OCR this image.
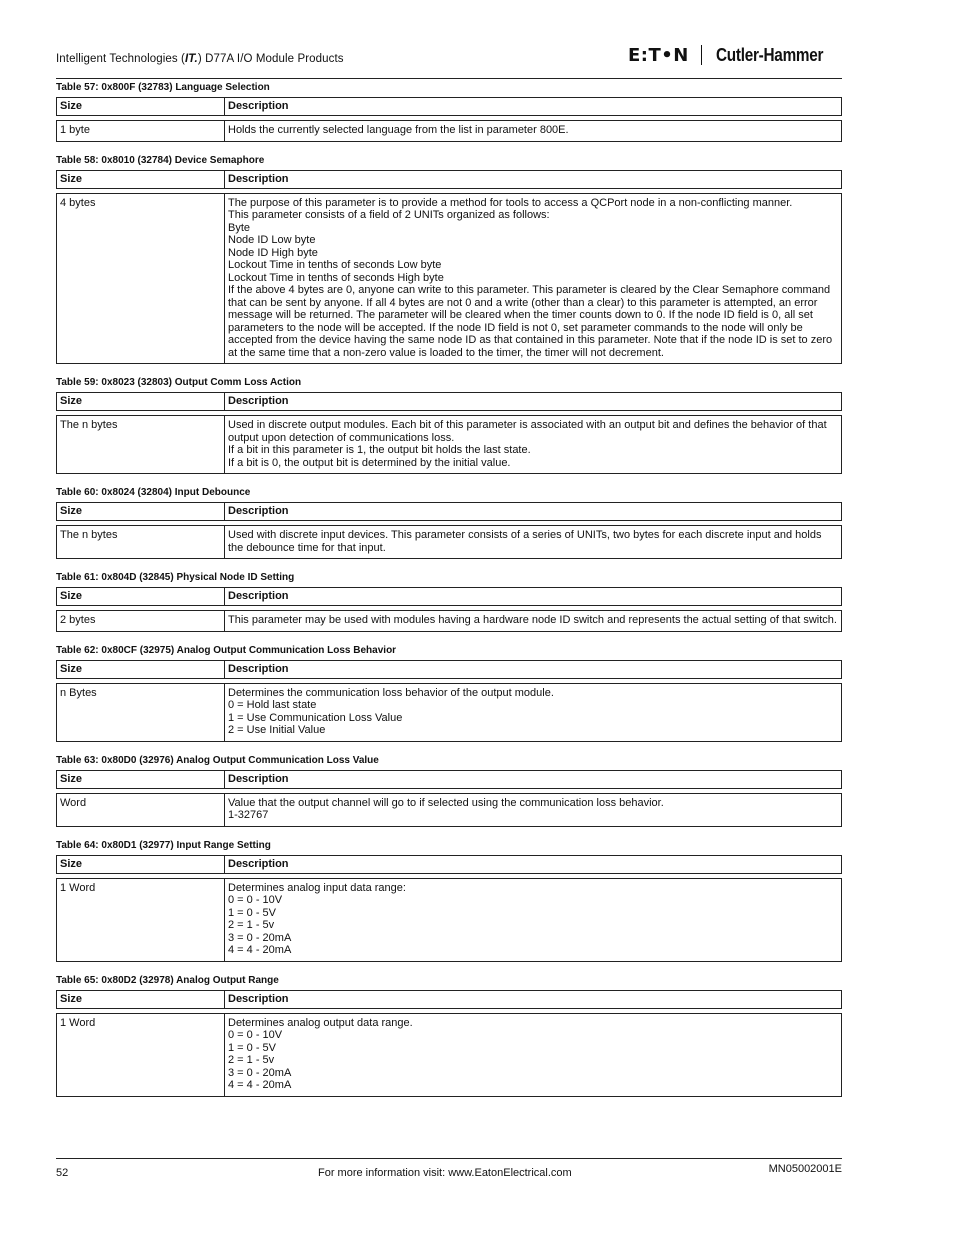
Intelligent Technologies (IT.) D77A I/O Module Products	E:T•N Cutler-Hammer
Table 57: 0x800F (32783) Language Selection
Size	Description
1 byte	Holds the currently selected language from the list in parameter 800E.
Table 58: 0x8010 (32784) Device Semaphore
Size	Description
4 bytes	The purpose of this parameter is to provide a method for tools to access a QCPort node in a non-conflicting manner.
This parameter consists of a field of 2 UNITs organized as follows:
Byte
Node ID Low byte
Node ID High byte
Lockout Time in tenths of seconds Low byte
Lockout Time in tenths of seconds High byte
If the above 4 bytes are 0, anyone can write to this parameter. This parameter is cleared by the Clear Semaphore command that can be sent by anyone. If all 4 bytes are not 0 and a write (other than a clear) to this parameter is attempted, an error message will be returned. The parameter will be cleared when the timer counts down to 0. If the node ID field is 0, all set parameters to the node will be accepted. If the node ID field is not 0, set parameter commands to the node will only be accepted from the device having the same node ID as that contained in this parameter. Note that if the node ID is set to zero at the same time that a non-zero value is loaded to the timer, the timer will not decrement.
Table 59: 0x8023 (32803) Output Comm Loss Action
Size	Description
The n bytes	Used in discrete output modules. Each bit of this parameter is associated with an output bit and defines the behavior of that output upon detection of communications loss.
If a bit in this parameter is 1, the output bit holds the last state.
If a bit is 0, the output bit is determined by the initial value.
Table 60: 0x8024 (32804) Input Debounce
Size	Description
The n bytes	Used with discrete input devices. This parameter consists of a series of UNITs, two bytes for each discrete input and holds the debounce time for that input.
Table 61: 0x804D (32845) Physical Node ID Setting
Size	Description
2 bytes	This parameter may be used with modules having a hardware node ID switch and represents the actual setting of that switch.
Table 62: 0x80CF (32975) Analog Output Communication Loss Behavior
Size	Description
n Bytes	Determines the communication loss behavior of the output module.
0 = Hold last state
1 = Use Communication Loss Value
2 = Use Initial Value
Table 63: 0x80D0 (32976) Analog Output Communication Loss Value
Size	Description
Word	Value that the output channel will go to if selected using the communication loss behavior.
1-32767
Table 64: 0x80D1 (32977) Input Range Setting
Size	Description
1 Word	Determines analog input data range:
0 = 0 - 10V
1 = 0 - 5V
2 = 1 - 5v
3 = 0 - 20mA
4 = 4 - 20mA
Table 65: 0x80D2 (32978) Analog Output Range
Size	Description
1 Word	Determines analog output data range.
0 = 0 - 10V
1 = 0 - 5V
2 = 1 - 5v
3 = 0 - 20mA
4 = 4 - 20mA
52	For more information visit: www.EatonElectrical.com	MN05002001E
